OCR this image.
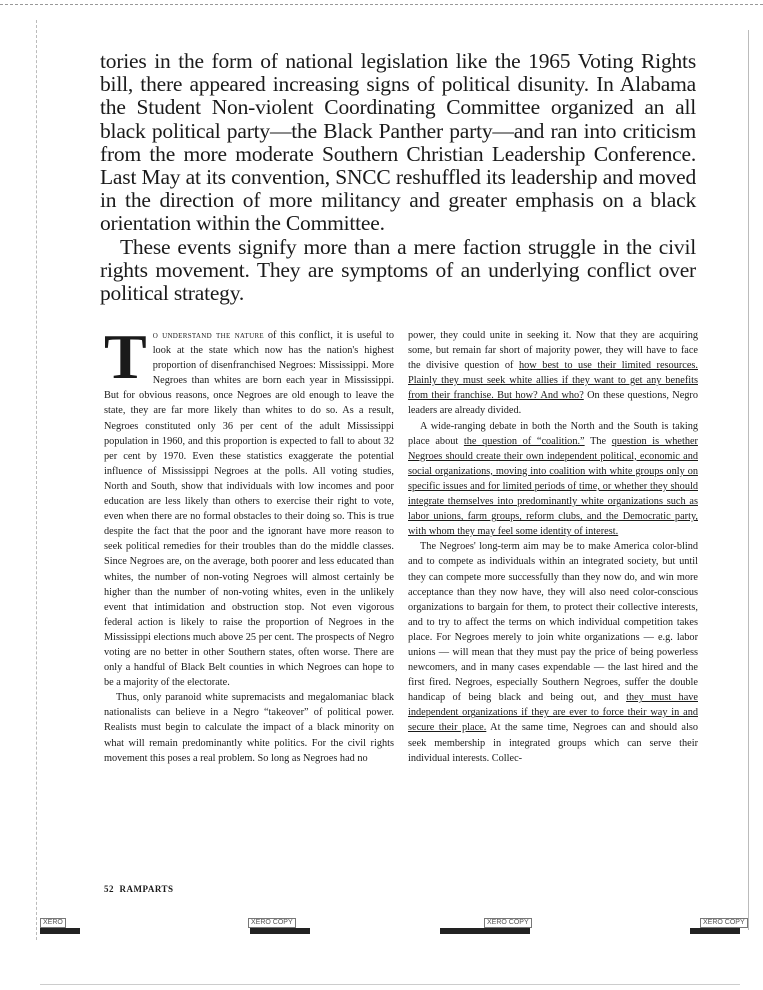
tories in the form of national legislation like the 1965 Voting Rights bill, there appeared increasing signs of political disunity. In Alabama the Student Non-violent Coordinating Committee organized an all black political party—the Black Panther party—and ran into criticism from the more moderate Southern Christian Leadership Conference. Last May at its convention, SNCC reshuffled its leadership and moved in the direction of more militancy and greater emphasis on a black orientation within the Committee.

These events signify more than a mere faction struggle in the civil rights movement. They are symptoms of an underlying conflict over political strategy.

To understand the nature of this conflict, it is useful to look at the state which now has the nation's highest proportion of disenfranchised Negroes: Mississippi. More Negroes than whites are born each year in Mississippi. But for obvious reasons, once Negroes are old enough to leave the state, they are far more likely than whites to do so. As a result, Negroes constituted only 36 per cent of the adult Mississippi population in 1960, and this proportion is expected to fall to about 32 per cent by 1970. Even these statistics exaggerate the potential influence of Mississippi Negroes at the polls. All voting studies, North and South, show that individuals with low incomes and poor education are less likely than others to exercise their right to vote, even when there are no formal obstacles to their doing so. This is true despite the fact that the poor and the ignorant have more reason to seek political remedies for their troubles than do the middle classes. Since Negroes are, on the average, both poorer and less educated than whites, the number of non-voting Negroes will almost certainly be higher than the number of non-voting whites, even in the unlikely event that intimidation and obstruction stop. Not even vigorous federal action is likely to raise the proportion of Negroes in the Mississippi elections much above 25 per cent. The prospects of Negro voting are no better in other Southern states, often worse. There are only a handful of Black Belt counties in which Negroes can hope to be a majority of the electorate.

Thus, only paranoid white supremacists and megalomaniac black nationalists can believe in a Negro “takeover” of political power. Realists must begin to calculate the impact of a black minority on what will remain predominantly white politics. For the civil rights movement this poses a real problem. So long as Negroes had no

power, they could unite in seeking it. Now that they are acquiring some, but remain far short of majority power, they will have to face the divisive question of how best to use their limited resources. Plainly they must seek white allies if they want to get any benefits from their franchise. But how? And who? On these questions, Negro leaders are already divided.

A wide-ranging debate in both the North and the South is taking place about the question of “coalition.” The question is whether Negroes should create their own independent political, economic and social organizations, moving into coalition with white groups only on specific issues and for limited periods of time, or whether they should integrate themselves into predominantly white organizations such as labor unions, farm groups, reform clubs, and the Democratic party, with whom they may feel some identity of interest.

The Negroes' long-term aim may be to make America color-blind and to compete as individuals within an integrated society, but until they can compete more successfully than they now do, and win more acceptance than they now have, they will also need color-conscious organizations to bargain for them, to protect their collective interests, and to try to affect the terms on which individual competition takes place. For Negroes merely to join white organizations — e.g. labor unions — will mean that they must pay the price of being powerless newcomers, and in many cases expendable — the last hired and the first fired. Negroes, especially Southern Negroes, suffer the double handicap of being black and being out, and they must have independent organizations if they are ever to force their way in and secure their place. At the same time, Negroes can and should also seek membership in integrated groups which can serve their individual interests. Collec-

52 RAMPARTS
XERO	XERO COPY	XERO COPY	XERO COPY
